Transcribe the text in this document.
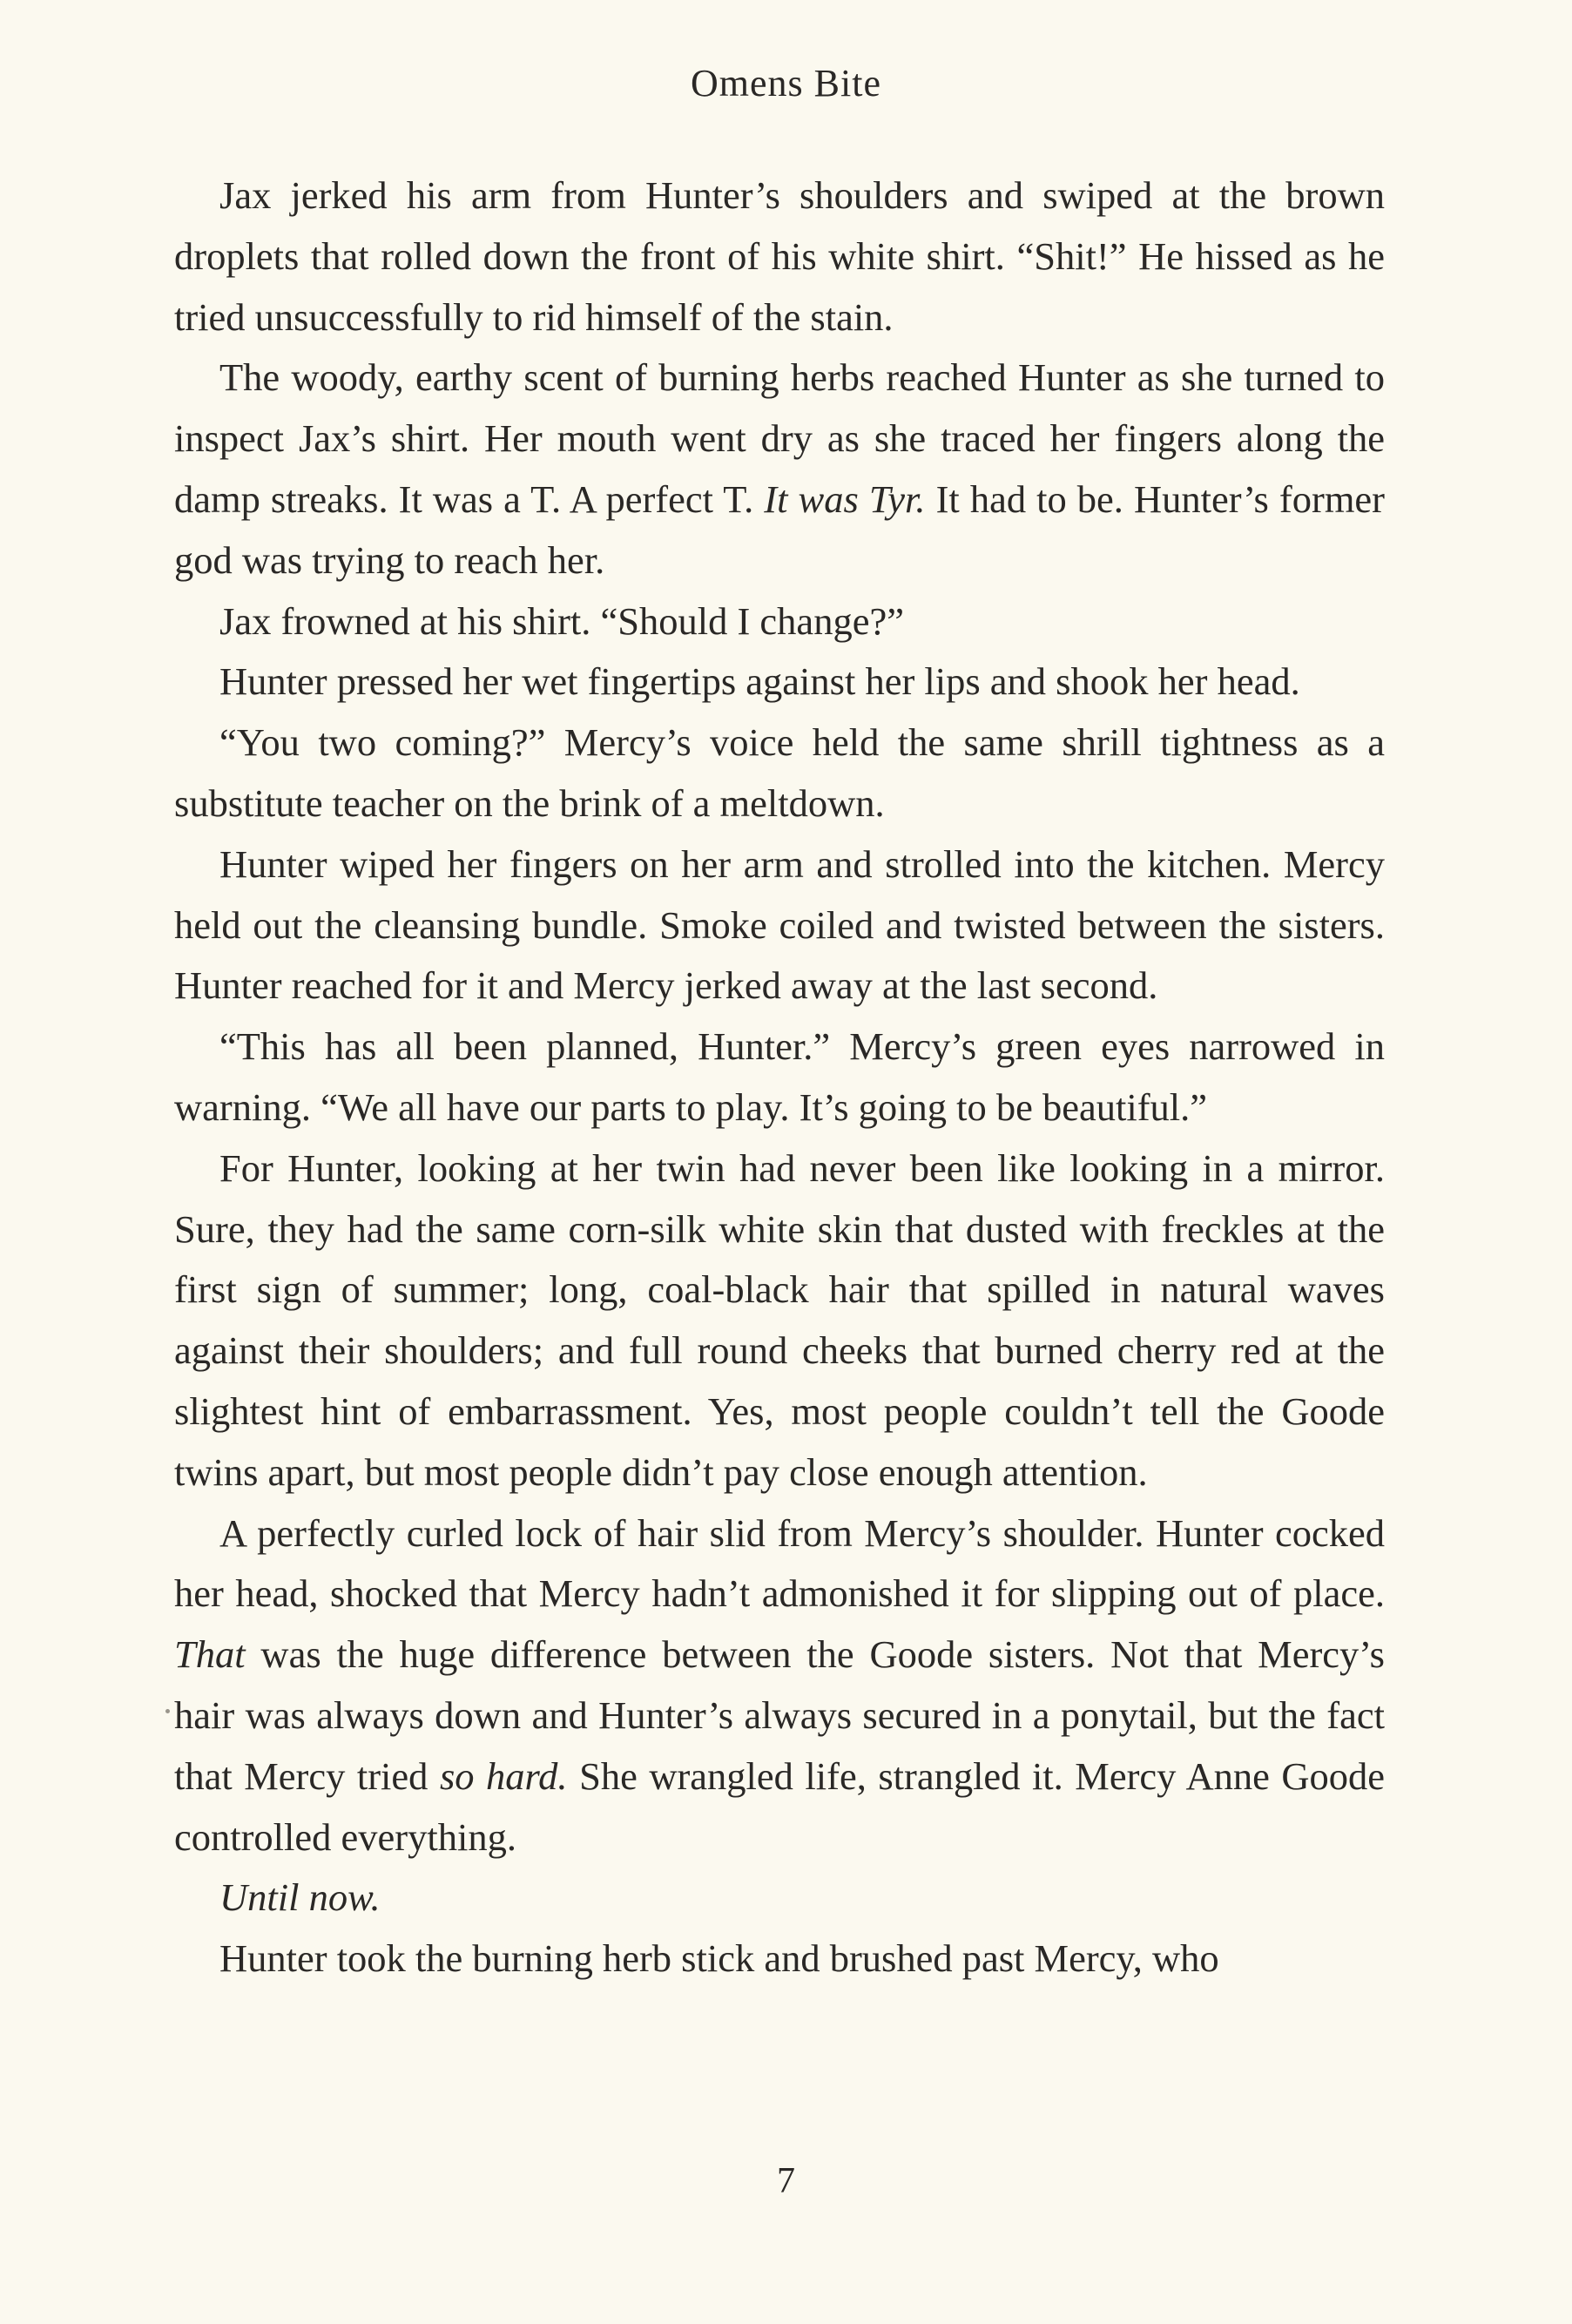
Omens Bite

Jax jerked his arm from Hunter’s shoulders and swiped at the brown droplets that rolled down the front of his white shirt. “Shit!” He hissed as he tried unsuccessfully to rid himself of the stain.

The woody, earthy scent of burning herbs reached Hunter as she turned to inspect Jax’s shirt. Her mouth went dry as she traced her fingers along the damp streaks. It was a T. A perfect T. It was Tyr. It had to be. Hunter’s former god was trying to reach her.

Jax frowned at his shirt. “Should I change?”

Hunter pressed her wet fingertips against her lips and shook her head.

“You two coming?” Mercy’s voice held the same shrill tightness as a substitute teacher on the brink of a meltdown.

Hunter wiped her fingers on her arm and strolled into the kitchen. Mercy held out the cleansing bundle. Smoke coiled and twisted between the sisters. Hunter reached for it and Mercy jerked away at the last second.

“This has all been planned, Hunter.” Mercy’s green eyes narrowed in warning. “We all have our parts to play. It’s going to be beautiful.”

For Hunter, looking at her twin had never been like looking in a mirror. Sure, they had the same corn-silk white skin that dusted with freckles at the first sign of summer; long, coal-black hair that spilled in natural waves against their shoulders; and full round cheeks that burned cherry red at the slightest hint of embarrassment. Yes, most people couldn’t tell the Goode twins apart, but most people didn’t pay close enough attention.

A perfectly curled lock of hair slid from Mercy’s shoulder. Hunter cocked her head, shocked that Mercy hadn’t admonished it for slipping out of place. That was the huge difference between the Goode sisters. Not that Mercy’s hair was always down and Hunter’s always secured in a ponytail, but the fact that Mercy tried so hard. She wrangled life, strangled it. Mercy Anne Goode controlled everything.

Until now.

Hunter took the burning herb stick and brushed past Mercy, who

7
